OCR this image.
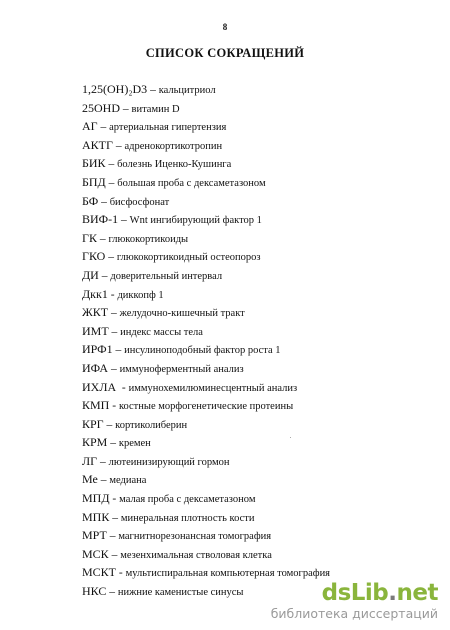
8
СПИСОК СОКРАЩЕНИЙ
1,25(OH)₂D3 – кальцитриол
25OHD – витамин D
АГ – артериальная гипертензия
АКТГ – адренокортикотропин
БИК – болезнь Иценко-Кушинга
БПД – большая проба с дексаметазоном
БФ – бисфосфонат
ВИФ-1 – Wnt ингибирующий фактор 1
ГК – глюкокортикоиды
ГКО – глюкокортикоидный остеопороз
ДИ – доверительный интервал
Дкк1 - диккопф 1
ЖКТ – желудочно-кишечный тракт
ИМТ – индекс массы тела
ИРФ1 – инсулиноподобный фактор роста 1
ИФА – иммуноферментный анализ
ИХЛА  - иммунохемилюминесцентный анализ
КМП - костные морфогенетические протеины
КРГ – кортиколиберин
КРМ – кремен
ЛГ – лютеинизирующий гормон
Ме – медиана
МПД - малая проба с дексаметазоном
МПК – минеральная плотность кости
МРТ – магнитнорезонансная томография
МСК – мезенхимальная стволовая клетка
МСКТ - мультиспиральная компьютерная томография
НКС – нижние каменистые синусы	dsLib.net
библиотека диссертаций
